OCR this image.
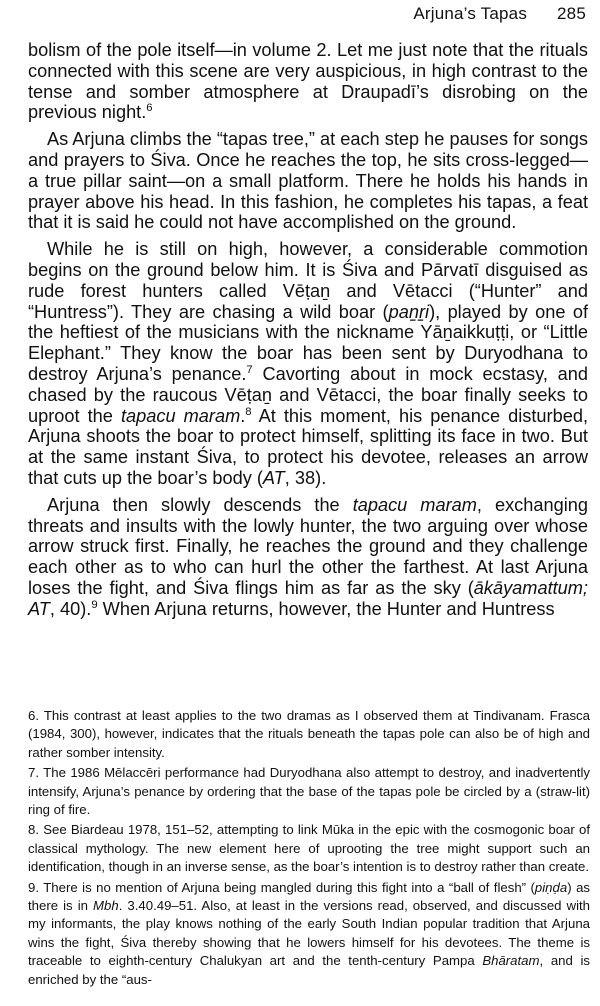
Arjuna’s Tapas 285

bolism of the pole itself—in volume 2. Let me just note that the rituals connected with this scene are very auspicious, in high contrast to the tense and somber atmosphere at Draupadī’s disrobing on the previous night.$^6$

As Arjuna climbs the “tapas tree,” at each step he pauses for songs and prayers to Śiva. Once he reaches the top, he sits cross-legged—a true pillar saint—on a small platform. There he holds his hands in prayer above his head. In this fashion, he completes his tapas, a feat that it is said he could not have accomplished on the ground.

While he is still on high, however, a considerable commotion begins on the ground below him. It is Śiva and Pārvatī disguised as rude forest hunters called Vēṭaṉ and Vētacci (“Hunter” and “Huntress”). They are chasing a wild boar (paṉṟi), played by one of the heftiest of the musicians with the nickname Yāṉaikkuṭṭi, or “Little Elephant.” They know the boar has been sent by Duryodhana to destroy Arjuna’s penance.$^7$ Cavorting about in mock ecstasy, and chased by the raucous Vēṭaṉ and Vētacci, the boar finally seeks to uproot the tapacu maram.$^8$ At this moment, his penance disturbed, Arjuna shoots the boar to protect himself, splitting its face in two. But at the same instant Śiva, to protect his devotee, releases an arrow that cuts up the boar’s body (AT, 38).

Arjuna then slowly descends the tapacu maram, exchanging threats and insults with the lowly hunter, the two arguing over whose arrow struck first. Finally, he reaches the ground and they challenge each other as to who can hurl the other the farthest. At last Arjuna loses the fight, and Śiva flings him as far as the sky (ākāyamattum; AT, 40).$^9$ When Arjuna returns, however, the Hunter and Huntress

6. This contrast at least applies to the two dramas as I observed them at Tindivanam. Frasca (1984, 300), however, indicates that the rituals beneath the tapas pole can also be of high and rather somber intensity.

7. The 1986 Mēlaccēri performance had Duryodhana also attempt to destroy, and inadvertently intensify, Arjuna’s penance by ordering that the base of the tapas pole be circled by a (straw-lit) ring of fire.

8. See Biardeau 1978, 151–52, attempting to link Mūka in the epic with the cosmogonic boar of classical mythology. The new element here of uprooting the tree might support such an identification, though in an inverse sense, as the boar’s intention is to destroy rather than create.

9. There is no mention of Arjuna being mangled during this fight into a “ball of flesh” (piṇḍa) as there is in Mbh. 3.40.49–51. Also, at least in the versions read, observed, and discussed with my informants, the play knows nothing of the early South Indian popular tradition that Arjuna wins the fight, Śiva thereby showing that he lowers himself for his devotees. The theme is traceable to eighth-century Chalukyan art and the tenth-century Pampa Bhāratam, and is enriched by the “aus-
